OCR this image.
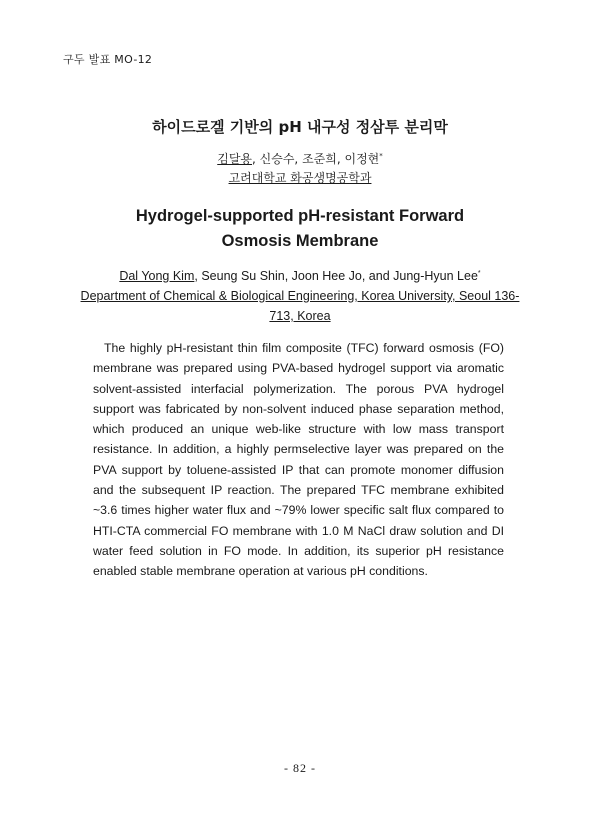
구두 발표 MO-12
하이드로겔 기반의 pH 내구성 정삼투 분리막
김달용, 신승수, 조준희, 이정현*
고려대학교 화공생명공학과
Hydrogel-supported pH-resistant Forward Osmosis Membrane
Dal Yong Kim, Seung Su Shin, Joon Hee Jo, and Jung-Hyun Lee*
Department of Chemical & Biological Engineering, Korea University, Seoul 136-713, Korea

The highly pH-resistant thin film composite (TFC) forward osmosis (FO) membrane was prepared using PVA-based hydrogel support via aromatic solvent-assisted interfacial polymerization. The porous PVA hydrogel support was fabricated by non-solvent induced phase separation method, which produced an unique web-like structure with low mass transport resistance. In addition, a highly permselective layer was prepared on the PVA support by toluene-assisted IP that can promote monomer diffusion and the subsequent IP reaction. The prepared TFC membrane exhibited ~3.6 times higher water flux and ~79% lower specific salt flux compared to HTI-CTA commercial FO membrane with 1.0 M NaCl draw solution and DI water feed solution in FO mode. In addition, its superior pH resistance enabled stable membrane operation at various pH conditions.

- 82 -
